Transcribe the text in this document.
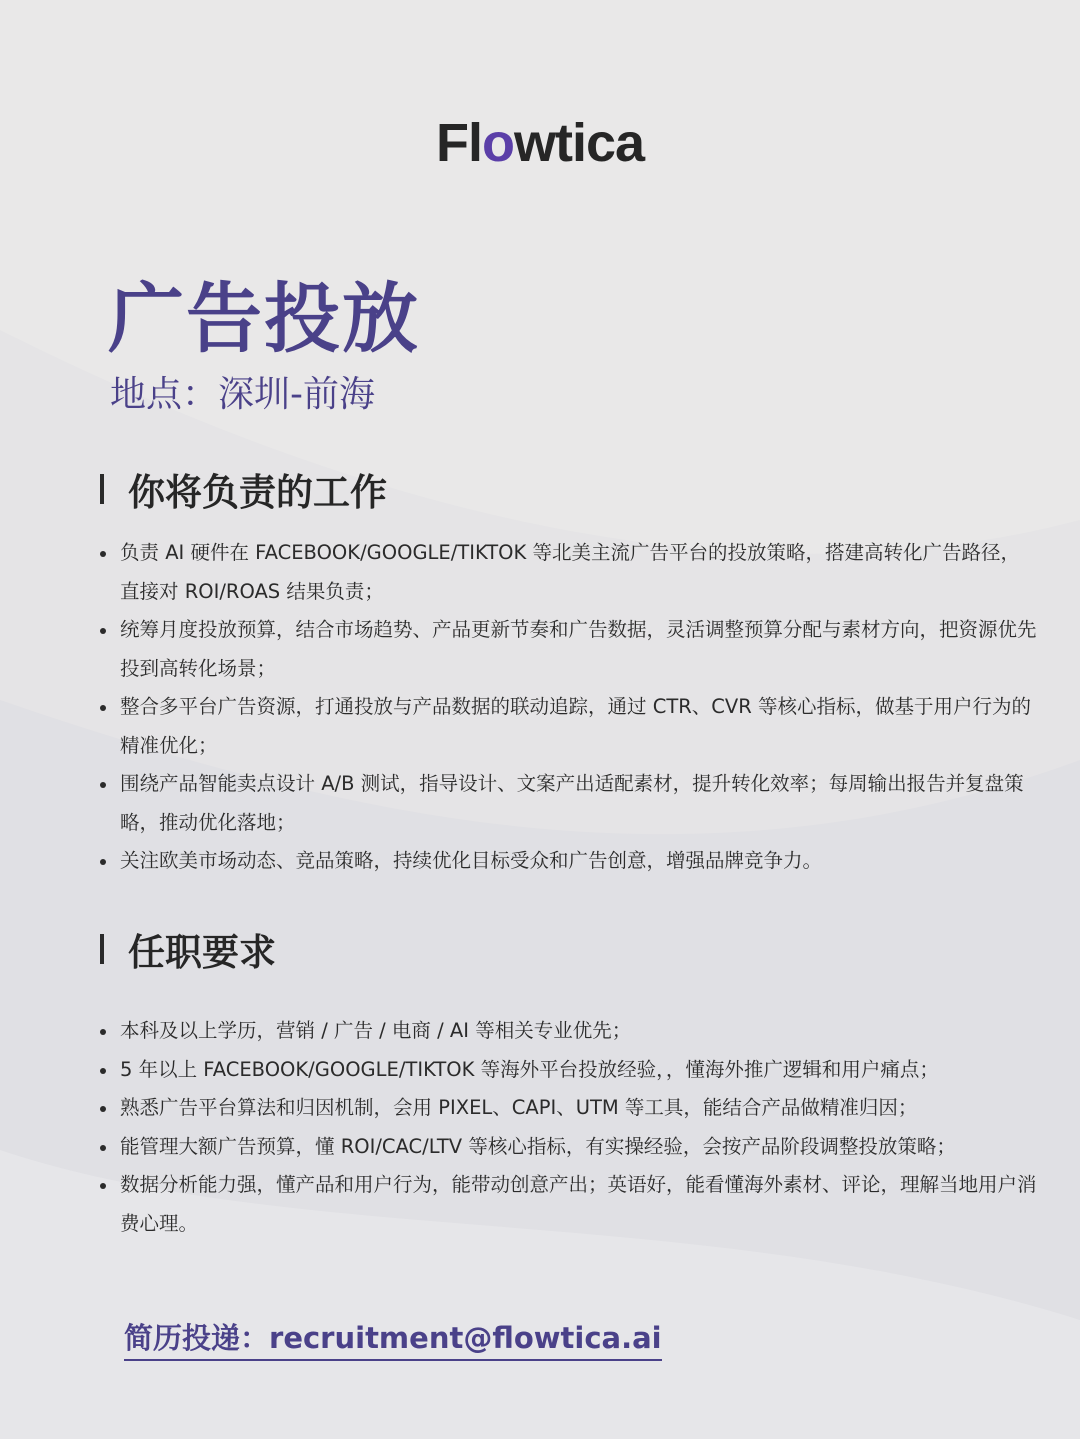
Flowtica
广告投放
地点：深圳-前海
你将负责的工作
负责 AI 硬件在 FACEBOOK/GOOGLE/TIKTOK 等北美主流广告平台的投放策略，搭建高转化广告路径，直接对 ROI/ROAS 结果负责；
统筹月度投放预算，结合市场趋势、产品更新节奏和广告数据，灵活调整预算分配与素材方向，把资源优先投到高转化场景；
整合多平台广告资源，打通投放与产品数据的联动追踪，通过 CTR、CVR 等核心指标，做基于用户行为的精准优化；
围绕产品智能卖点设计 A/B 测试，指导设计、文案产出适配素材，提升转化效率；每周输出报告并复盘策略，推动优化落地；
关注欧美市场动态、竞品策略，持续优化目标受众和广告创意，增强品牌竞争力。
任职要求
本科及以上学历，营销 / 广告 / 电商 / AI 等相关专业优先；
5 年以上 FACEBOOK/GOOGLE/TIKTOK 等海外平台投放经验，，懂海外推广逻辑和用户痛点；
熟悉广告平台算法和归因机制，会用 PIXEL、CAPI、UTM 等工具，能结合产品做精准归因；
能管理大额广告预算，懂 ROI/CAC/LTV 等核心指标，有实操经验，会按产品阶段调整投放策略；
数据分析能力强，懂产品和用户行为，能带动创意产出；英语好，能看懂海外素材、评论，理解当地用户消费心理。
简历投递：recruitment@flowtica.ai
